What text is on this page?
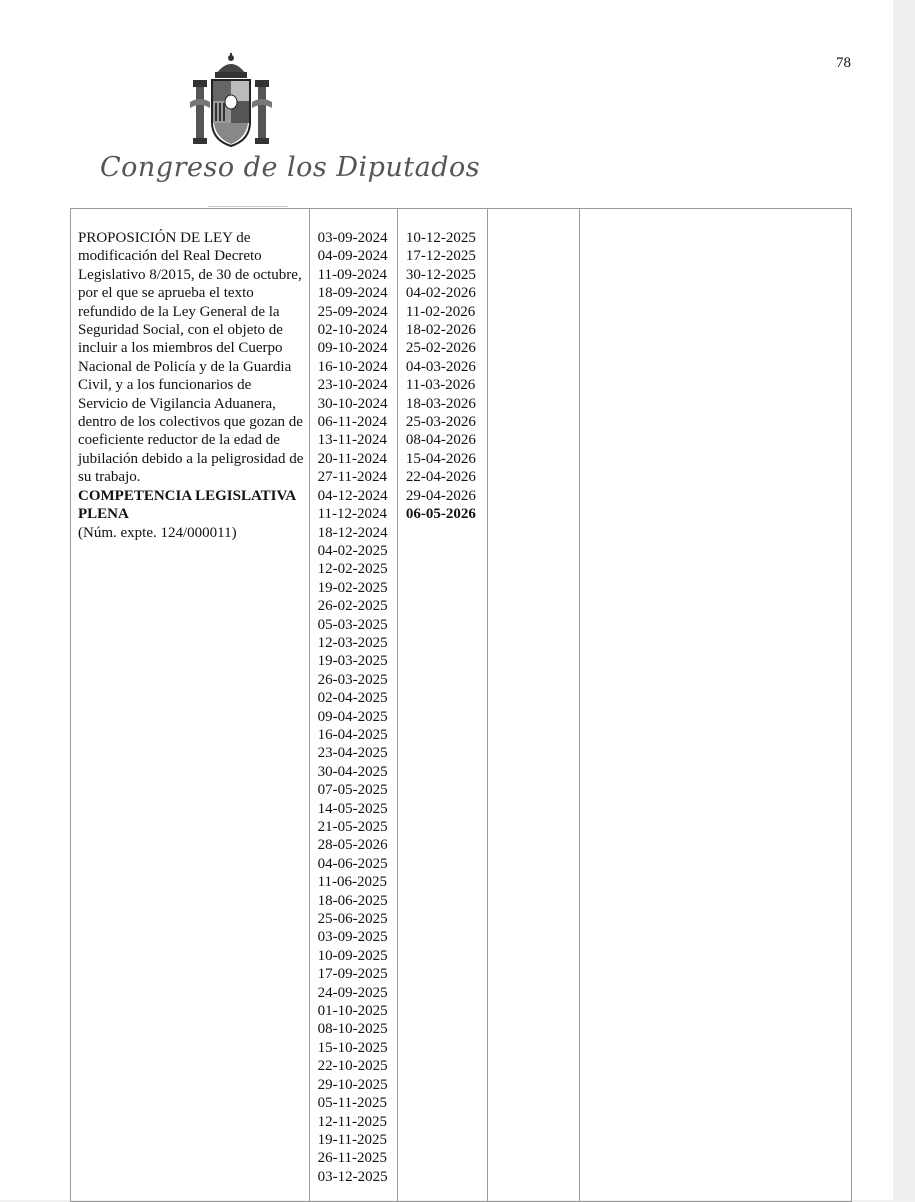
78
Congreso de los Diputados
PROPOSICIÓN DE LEY de modificación del Real Decreto Legislativo 8/2015, de 30 de octubre, por el que se aprueba el texto refundido de la Ley General de la Seguridad Social, con el objeto de incluir a los miembros del Cuerpo Nacional de Policía y de la Guardia Civil, y a los funcionarios de Servicio de Vigilancia Aduanera, dentro de los colectivos que gozan de coeficiente reductor de la edad de jubilación debido a la peligrosidad de su trabajo.
COMPETENCIA LEGISLATIVA PLENA
(Núm. expte. 124/000011)

03-09-2024
04-09-2024
11-09-2024
18-09-2024
25-09-2024
02-10-2024
09-10-2024
16-10-2024
23-10-2024
30-10-2024
06-11-2024
13-11-2024
20-11-2024
27-11-2024
04-12-2024
11-12-2024
18-12-2024
04-02-2025
12-02-2025
19-02-2025
26-02-2025
05-03-2025
12-03-2025
19-03-2025
26-03-2025
02-04-2025
09-04-2025
16-04-2025
23-04-2025
30-04-2025
07-05-2025
14-05-2025
21-05-2025
28-05-2026
04-06-2025
11-06-2025
18-06-2025
25-06-2025
03-09-2025
10-09-2025
17-09-2025
24-09-2025
01-10-2025
08-10-2025
15-10-2025
22-10-2025
29-10-2025
05-11-2025
12-11-2025
19-11-2025
26-11-2025
03-12-2025

10-12-2025
17-12-2025
30-12-2025
04-02-2026
11-02-2026
18-02-2026
25-02-2026
04-03-2026
11-03-2026
18-03-2026
25-03-2026
08-04-2026
15-04-2026
22-04-2026
29-04-2026
06-05-2026
